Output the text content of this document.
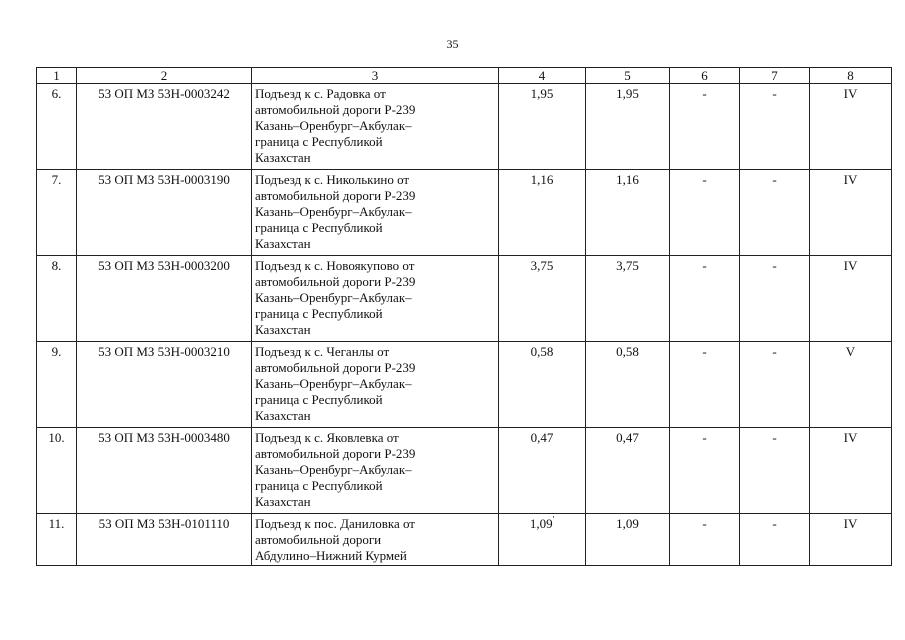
35
1	2	3	4	5	6	7	8
6.	53 ОП МЗ 53Н-0003242	Подъезд к с. Радовка от
автомобильной дороги Р-239
Казань–Оренбург–Акбулак–
граница с Республикой
Казахстан	1,95	1,95	-	-	IV
7.	53 ОП МЗ 53Н-0003190	Подъезд к с. Николькино от
автомобильной дороги Р-239
Казань–Оренбург–Акбулак–
граница с Республикой
Казахстан	1,16	1,16	-	-	IV
8.	53 ОП МЗ 53Н-0003200	Подъезд к с. Новоякупово от
автомобильной дороги Р-239
Казань–Оренбург–Акбулак–
граница с Республикой
Казахстан	3,75	3,75	-	-	IV
9.	53 ОП МЗ 53Н-0003210	Подъезд к с. Чеганлы от
автомобильной дороги Р-239
Казань–Оренбург–Акбулак–
граница с Республикой
Казахстан	0,58	0,58	-	-	V
10.	53 ОП МЗ 53Н-0003480	Подъезд к с. Яковлевка от
автомобильной дороги Р-239
Казань–Оренбург–Акбулак–
граница с Республикой
Казахстан	0,47	0,47	-	-	IV
11.	53 ОП МЗ 53Н-0101110	Подъезд к пос. Даниловка от
автомобильной дороги
Абдулино–Нижний Курмей	1,09'	1,09	-	-	IV
